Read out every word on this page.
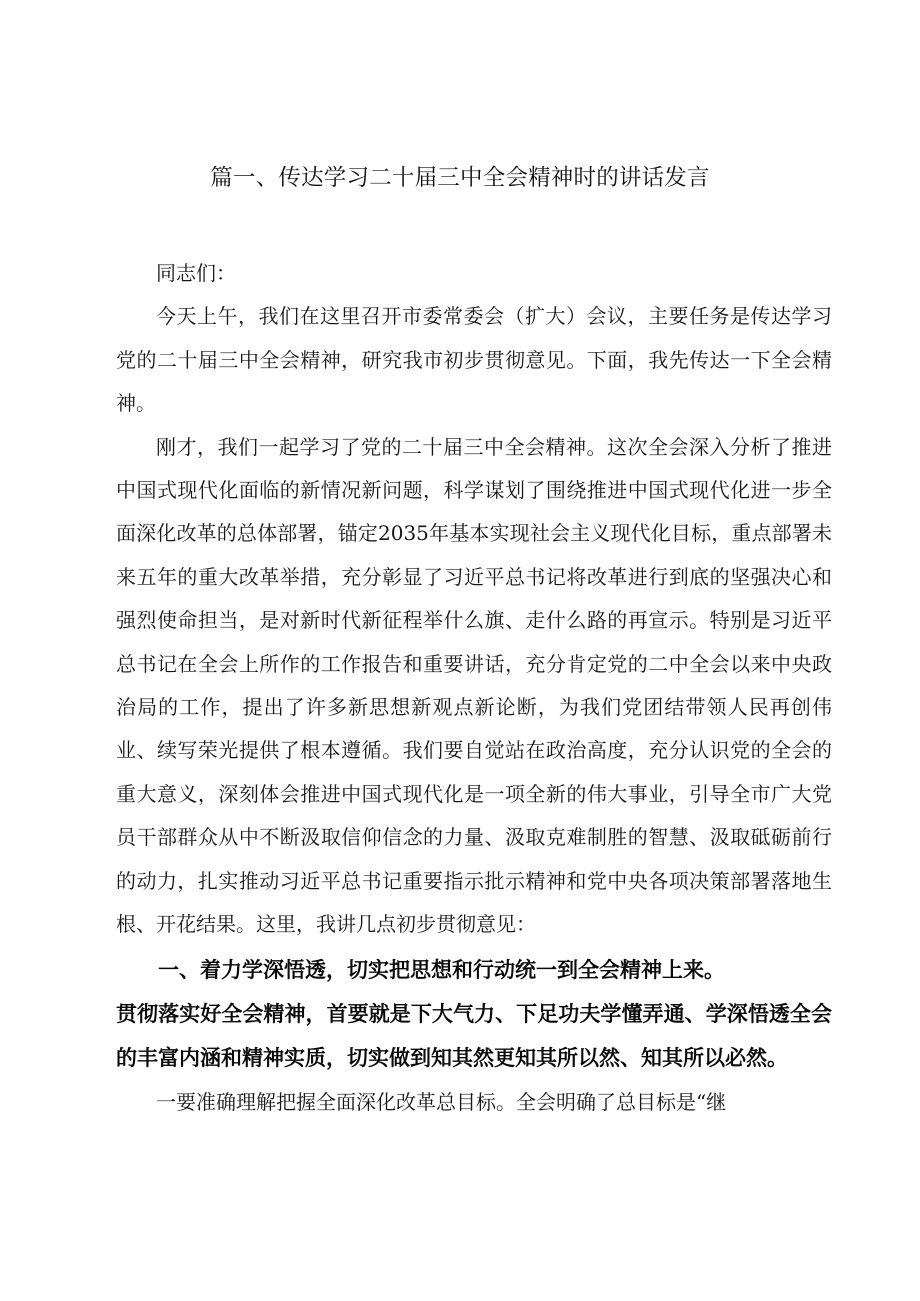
篇一、传达学习二十届三中全会精神时的讲话发言

同志们：

今天上午，我们在这里召开市委常委会（扩大）会议，主要任务是传达学习党的二十届三中全会精神，研究我市初步贯彻意见。下面，我先传达一下全会精神。

刚才，我们一起学习了党的二十届三中全会精神。这次全会深入分析了推进中国式现代化面临的新情况新问题，科学谋划了围绕推进中国式现代化进一步全面深化改革的总体部署，锚定2035年基本实现社会主义现代化目标，重点部署未来五年的重大改革举措，充分彰显了习近平总书记将改革进行到底的坚强决心和强烈使命担当，是对新时代新征程举什么旗、走什么路的再宣示。特别是习近平总书记在全会上所作的工作报告和重要讲话，充分肯定党的二中全会以来中央政治局的工作，提出了许多新思想新观点新论断，为我们党团结带领人民再创伟业、续写荣光提供了根本遵循。我们要自觉站在政治高度，充分认识党的全会的重大意义，深刻体会推进中国式现代化是一项全新的伟大事业，引导全市广大党员干部群众从中不断汲取信仰信念的力量、汲取克难制胜的智慧、汲取砥砺前行的动力，扎实推动习近平总书记重要指示批示精神和党中央各项决策部署落地生根、开花结果。这里，我讲几点初步贯彻意见：

一、着力学深悟透，切实把思想和行动统一到全会精神上来。

贯彻落实好全会精神，首要就是下大气力、下足功夫学懂弄通、学深悟透全会的丰富内涵和精神实质，切实做到知其然更知其所以然、知其所以必然。

一要准确理解把握全面深化改革总目标。全会明确了总目标是“继
